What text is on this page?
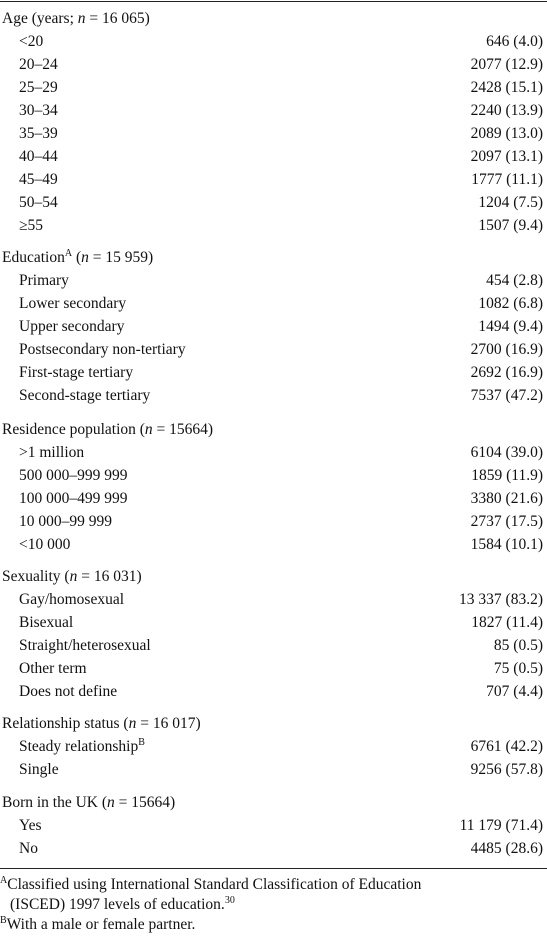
Age (years; n = 16 065)
<20	646 (4.0)
20–24	2077 (12.9)
25–29	2428 (15.1)
30–34	2240 (13.9)
35–39	2089 (13.0)
40–44	2097 (13.1)
45–49	1777 (11.1)
50–54	1204 (7.5)
≥55	1507 (9.4)
Education$^A$ (n = 15 959)
Primary	454 (2.8)
Lower secondary	1082 (6.8)
Upper secondary	1494 (9.4)
Postsecondary non-tertiary	2700 (16.9)
First-stage tertiary	2692 (16.9)
Second-stage tertiary	7537 (47.2)
Residence population (n = 15664)
>1 million	6104 (39.0)
500 000–999 999	1859 (11.9)
100 000–499 999	3380 (21.6)
10 000–99 999	2737 (17.5)
<10 000	1584 (10.1)
Sexuality (n = 16 031)
Gay/homosexual	13 337 (83.2)
Bisexual	1827 (11.4)
Straight/heterosexual	85 (0.5)
Other term	75 (0.5)
Does not define	707 (4.4)
Relationship status (n = 16 017)
Steady relationship$^B$	6761 (42.2)
Single	9256 (57.8)
Born in the UK (n = 15664)
Yes	11 179 (71.4)
No	4485 (28.6)

$^A$Classified using International Standard Classification of Education

(ISCED) 1997 levels of education.$^{30}$

$^B$With a male or female partner.
